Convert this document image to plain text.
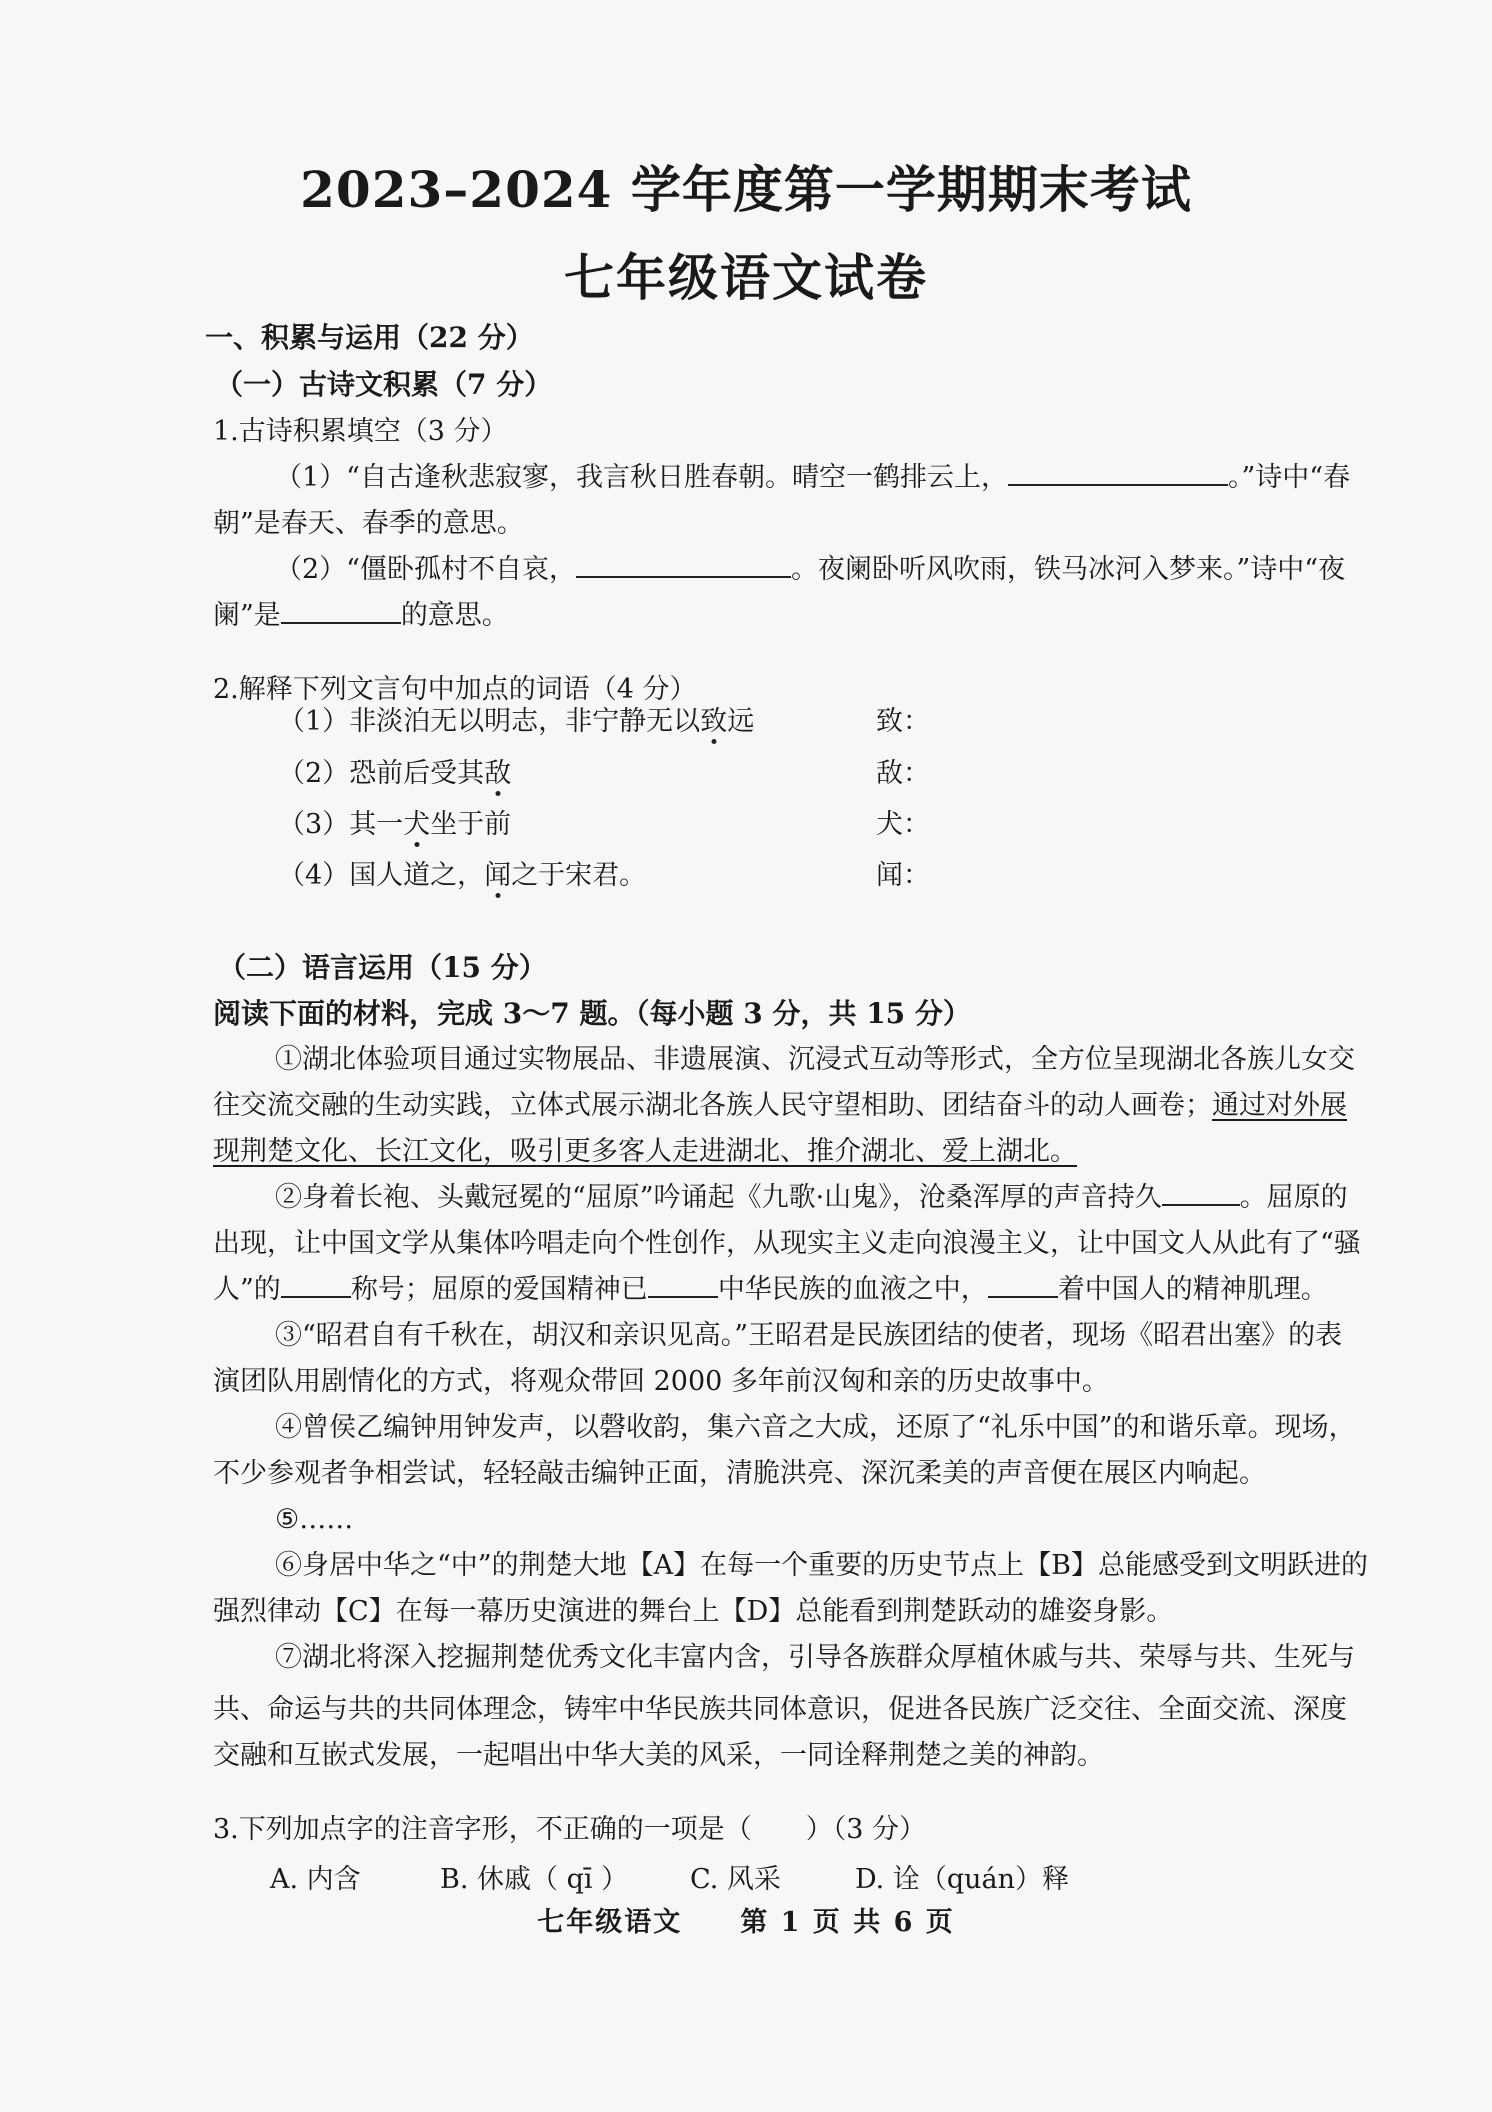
2023–2024 学年度第一学期期末考试
七年级语文试卷
一、积累与运用（22 分）
（一）古诗文积累（7 分）
1.古诗积累填空（3 分）
（1）“自古逢秋悲寂寥，我言秋日胜春朝。晴空一鹤排云上，	。”诗中“春
朝”是春天、春季的意思。
（2）“僵卧孤村不自哀，	。夜阑卧听风吹雨，铁马冰河入梦来。”诗中“夜
阑”是	的意思。
2.解释下列文言句中加点的词语（4 分）
（1）非淡泊无以明志，非宁静无以致远	致：
（2）恐前后受其敌	敌：
（3）其一犬坐于前	犬：
（4）国人道之，闻之于宋君。	闻：
（二）语言运用（15 分）
阅读下面的材料，完成 3～7 题。（每小题 3 分，共 15 分）
①湖北体验项目通过实物展品、非遗展演、沉浸式互动等形式，全方位呈现湖北各族儿女交
往交流交融的生动实践，立体式展示湖北各族人民守望相助、团结奋斗的动人画卷；通过对外展
现荆楚文化、长江文化，吸引更多客人走进湖北、推介湖北、爱上湖北。
②身着长袍、头戴冠冕的“屈原”吟诵起《九歌·山鬼》，沧桑浑厚的声音持久	。屈原的
出现，让中国文学从集体吟唱走向个性创作，从现实主义走向浪漫主义，让中国文人从此有了“骚
人”的	称号；屈原的爱国精神已	中华民族的血液之中，	着中国人的精神肌理。
③“昭君自有千秋在，胡汉和亲识见高。”王昭君是民族团结的使者，现场《昭君出塞》的表
演团队用剧情化的方式，将观众带回 2000 多年前汉匈和亲的历史故事中。
④曾侯乙编钟用钟发声，以磬收韵，集六音之大成，还原了“礼乐中国”的和谐乐章。现场，
不少参观者争相尝试，轻轻敲击编钟正面，清脆洪亮、深沉柔美的声音便在展区内响起。
⑤……
⑥身居中华之“中”的荆楚大地【A】在每一个重要的历史节点上【B】总能感受到文明跃进的
强烈律动【C】在每一幕历史演进的舞台上【D】总能看到荆楚跃动的雄姿身影。
⑦湖北将深入挖掘荆楚优秀文化丰富内含，引导各族群众厚植休戚与共、荣辱与共、生死与
共、命运与共的共同体理念，铸牢中华民族共同体意识，促进各民族广泛交往、全面交流、深度
交融和互嵌式发展，一起唱出中华大美的风采，一同诠释荆楚之美的神韵。
3.下列加点字的注音字形，不正确的一项是（　　）（3 分）
A. 内含	B. 休戚（ qī ） C. 风采	D. 诠（quán）释
七年级语文　　第 1 页 共 6 页
